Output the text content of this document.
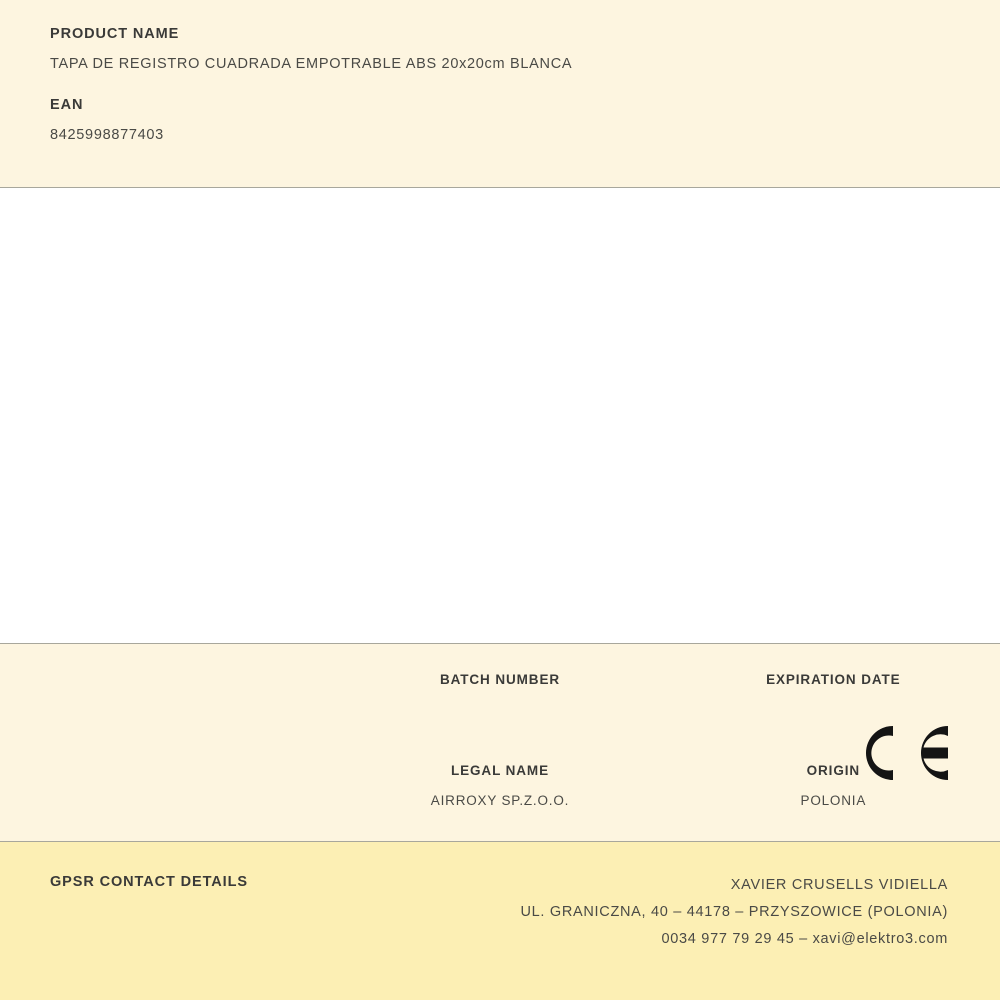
PRODUCT NAME
TAPA DE REGISTRO CUADRADA EMPOTRABLE ABS 20x20cm BLANCA
EAN
8425998877403
BATCH NUMBER	EXPIRATION DATE
LEGAL NAME
AIRROXY SP.Z.O.O.
ORIGIN
POLONIA
GPSR CONTACT DETAILS	XAVIER CRUSELLS VIDIELLA
UL. GRANICZNA, 40 – 44178 – PRZYSZOWICE (POLONIA)
0034 977 79 29 45 – xavi@elektro3.com
